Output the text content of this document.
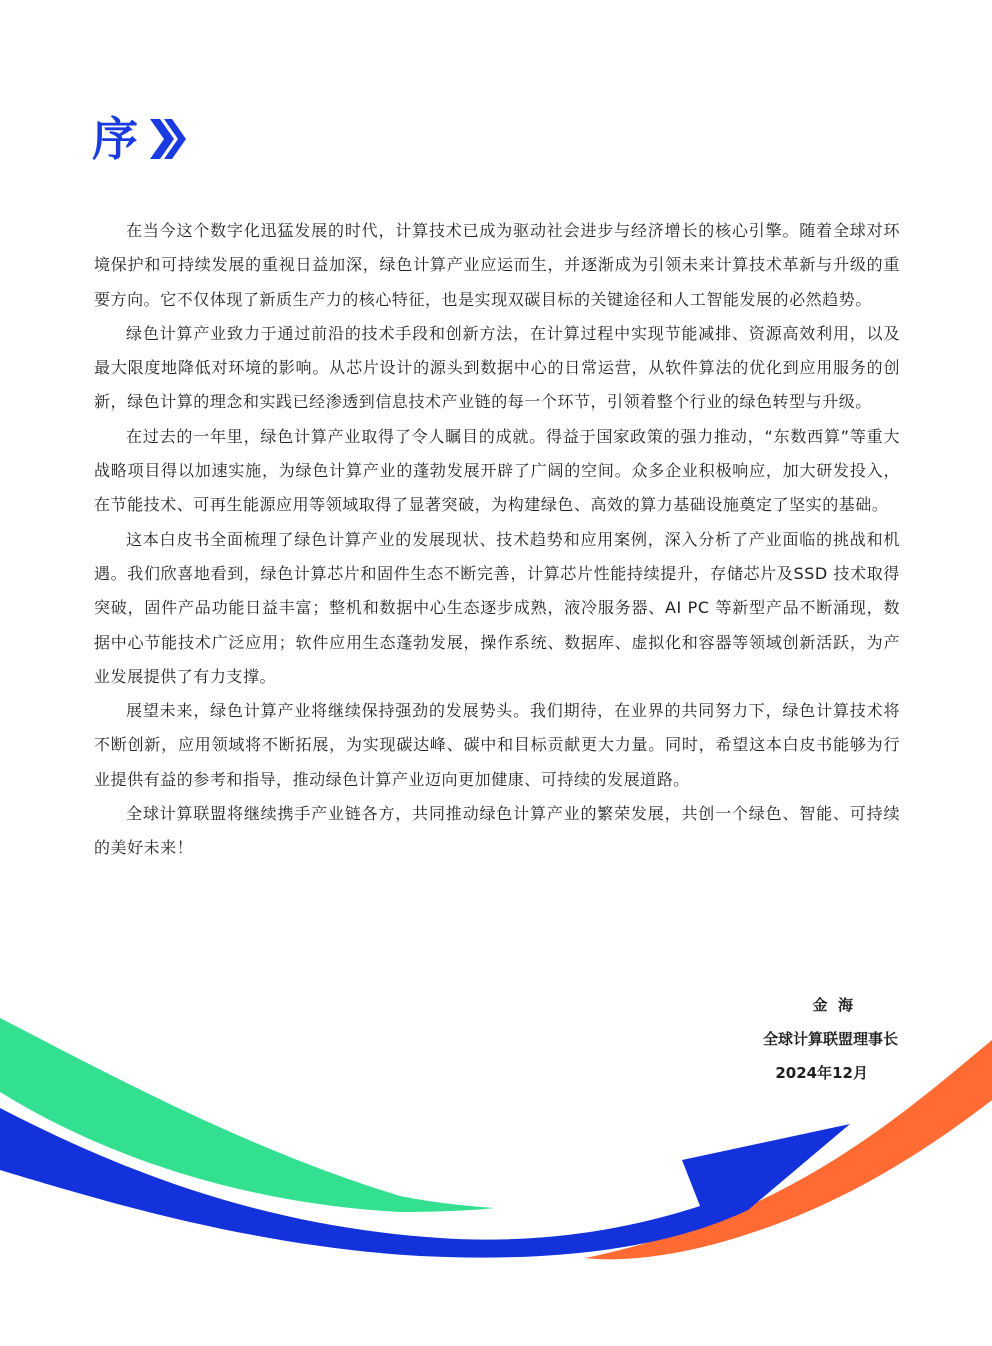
序

在当今这个数字化迅猛发展的时代，计算技术已成为驱动社会进步与经济增长的核心引擎。随着全球对环境保护和可持续发展的重视日益加深，绿色计算产业应运而生，并逐渐成为引领未来计算技术革新与升级的重要方向。它不仅体现了新质生产力的核心特征，也是实现双碳目标的关键途径和人工智能发展的必然趋势。

绿色计算产业致力于通过前沿的技术手段和创新方法，在计算过程中实现节能减排、资源高效利用，以及最大限度地降低对环境的影响。从芯片设计的源头到数据中心的日常运营，从软件算法的优化到应用服务的创新，绿色计算的理念和实践已经渗透到信息技术产业链的每一个环节，引领着整个行业的绿色转型与升级。

在过去的一年里，绿色计算产业取得了令人瞩目的成就。得益于国家政策的强力推动，“东数西算”等重大战略项目得以加速实施，为绿色计算产业的蓬勃发展开辟了广阔的空间。众多企业积极响应，加大研发投入，在节能技术、可再生能源应用等领域取得了显著突破，为构建绿色、高效的算力基础设施奠定了坚实的基础。

这本白皮书全面梳理了绿色计算产业的发展现状、技术趋势和应用案例，深入分析了产业面临的挑战和机遇。我们欣喜地看到，绿色计算芯片和固件生态不断完善，计算芯片性能持续提升，存储芯片及SSD 技术取得突破，固件产品功能日益丰富；整机和数据中心生态逐步成熟，液冷服务器、AI PC 等新型产品不断涌现，数据中心节能技术广泛应用；软件应用生态蓬勃发展，操作系统、数据库、虚拟化和容器等领域创新活跃，为产业发展提供了有力支撑。

展望未来，绿色计算产业将继续保持强劲的发展势头。我们期待，在业界的共同努力下，绿色计算技术将不断创新，应用领域将不断拓展，为实现碳达峰、碳中和目标贡献更大力量。同时，希望这本白皮书能够为行业提供有益的参考和指导，推动绿色计算产业迈向更加健康、可持续的发展道路。

全球计算联盟将继续携手产业链各方，共同推动绿色计算产业的繁荣发展，共创一个绿色、智能、可持续的美好未来！

金  海
全球计算联盟理事长
2024年12月
